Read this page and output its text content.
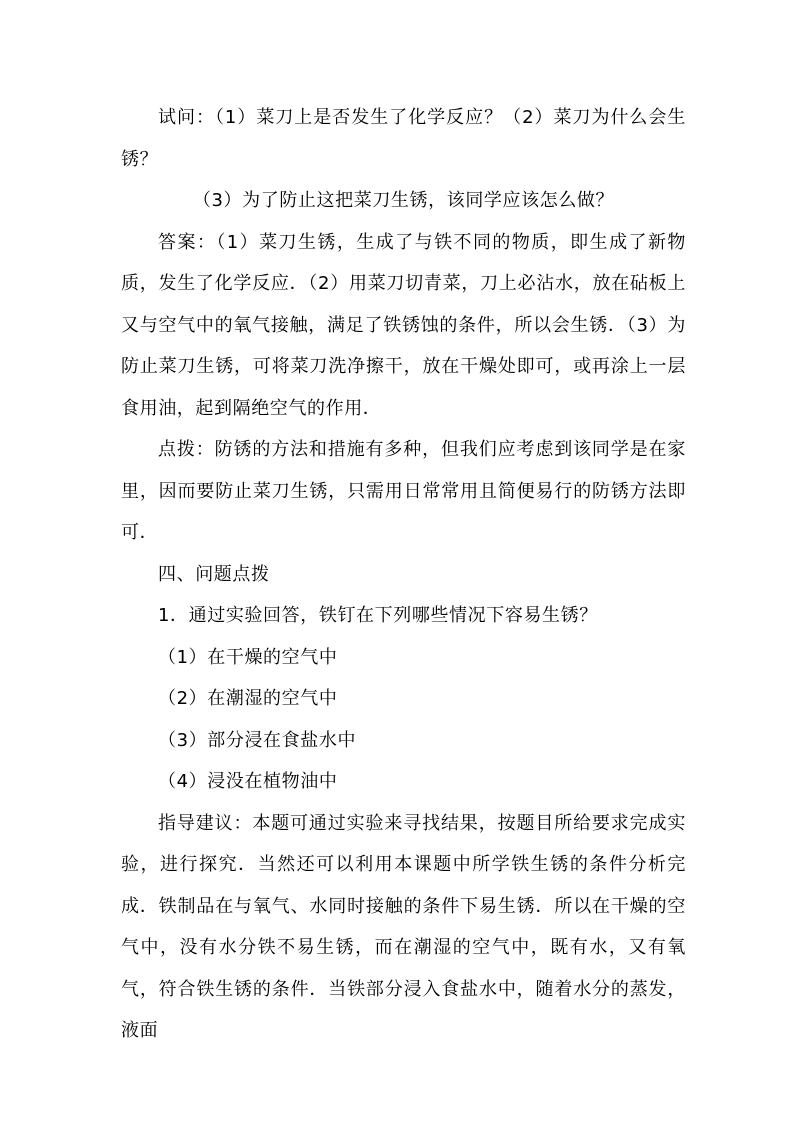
试问：（1）菜刀上是否发生了化学反应？（2）菜刀为什么会生锈？

（3）为了防止这把菜刀生锈，该同学应该怎么做？

答案：（1）菜刀生锈，生成了与铁不同的物质，即生成了新物质，发生了化学反应．（2）用菜刀切青菜，刀上必沾水，放在砧板上又与空气中的氧气接触，满足了铁锈蚀的条件，所以会生锈．（3）为防止菜刀生锈，可将菜刀洗净擦干，放在干燥处即可，或再涂上一层食用油，起到隔绝空气的作用．

点拨：防锈的方法和措施有多种，但我们应考虑到该同学是在家里，因而要防止菜刀生锈，只需用日常常用且简便易行的防锈方法即可．

四、问题点拨

1．通过实验回答，铁钉在下列哪些情况下容易生锈？

（1）在干燥的空气中

（2）在潮湿的空气中

（3）部分浸在食盐水中

（4）浸没在植物油中

指导建议：本题可通过实验来寻找结果，按题目所给要求完成实验，进行探究．当然还可以利用本课题中所学铁生锈的条件分析完成．铁制品在与氧气、水同时接触的条件下易生锈．所以在干燥的空气中，没有水分铁不易生锈，而在潮湿的空气中，既有水，又有氧气，符合铁生锈的条件．当铁部分浸入食盐水中，随着水分的蒸发，液面
